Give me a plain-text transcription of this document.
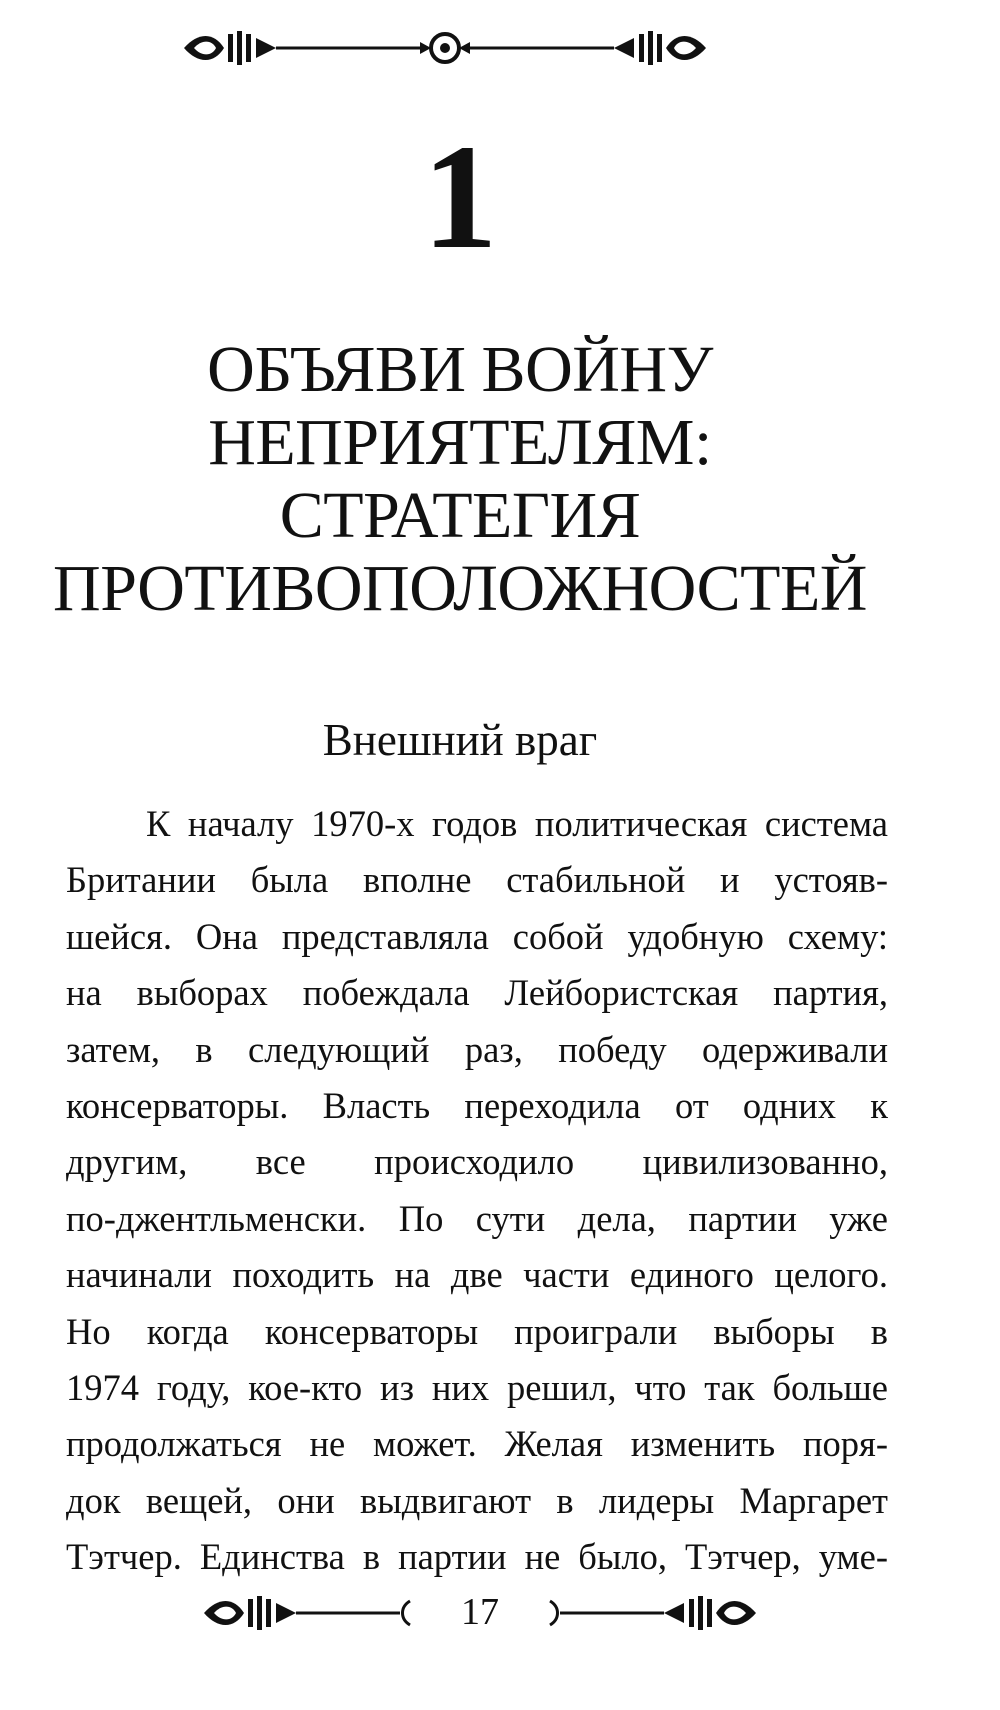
1
ОБЪЯВИ ВОЙНУ
НЕПРИЯТЕЛЯМ:
СТРАТЕГИЯ
ПРОТИВОПОЛОЖНОСТЕЙ
Внешний враг
К началу 1970-х годов политическая система
Британии была вполне стабильной и устояв-
шейся. Она представляла собой удобную схему:
на выборах побеждала Лейбористская партия,
затем, в следующий раз, победу одерживали
консерваторы. Власть переходила от одних к
другим, все происходило цивилизованно,
по-джентльменски. По сути дела, партии уже
начинали походить на две части единого целого.
Но когда консерваторы проиграли выборы в
1974 году, кое-кто из них решил, что так больше
продолжаться не может. Желая изменить поря-
док вещей, они выдвигают в лидеры Маргарет
Тэтчер. Единства в партии не было, Тэтчер, уме-
17
